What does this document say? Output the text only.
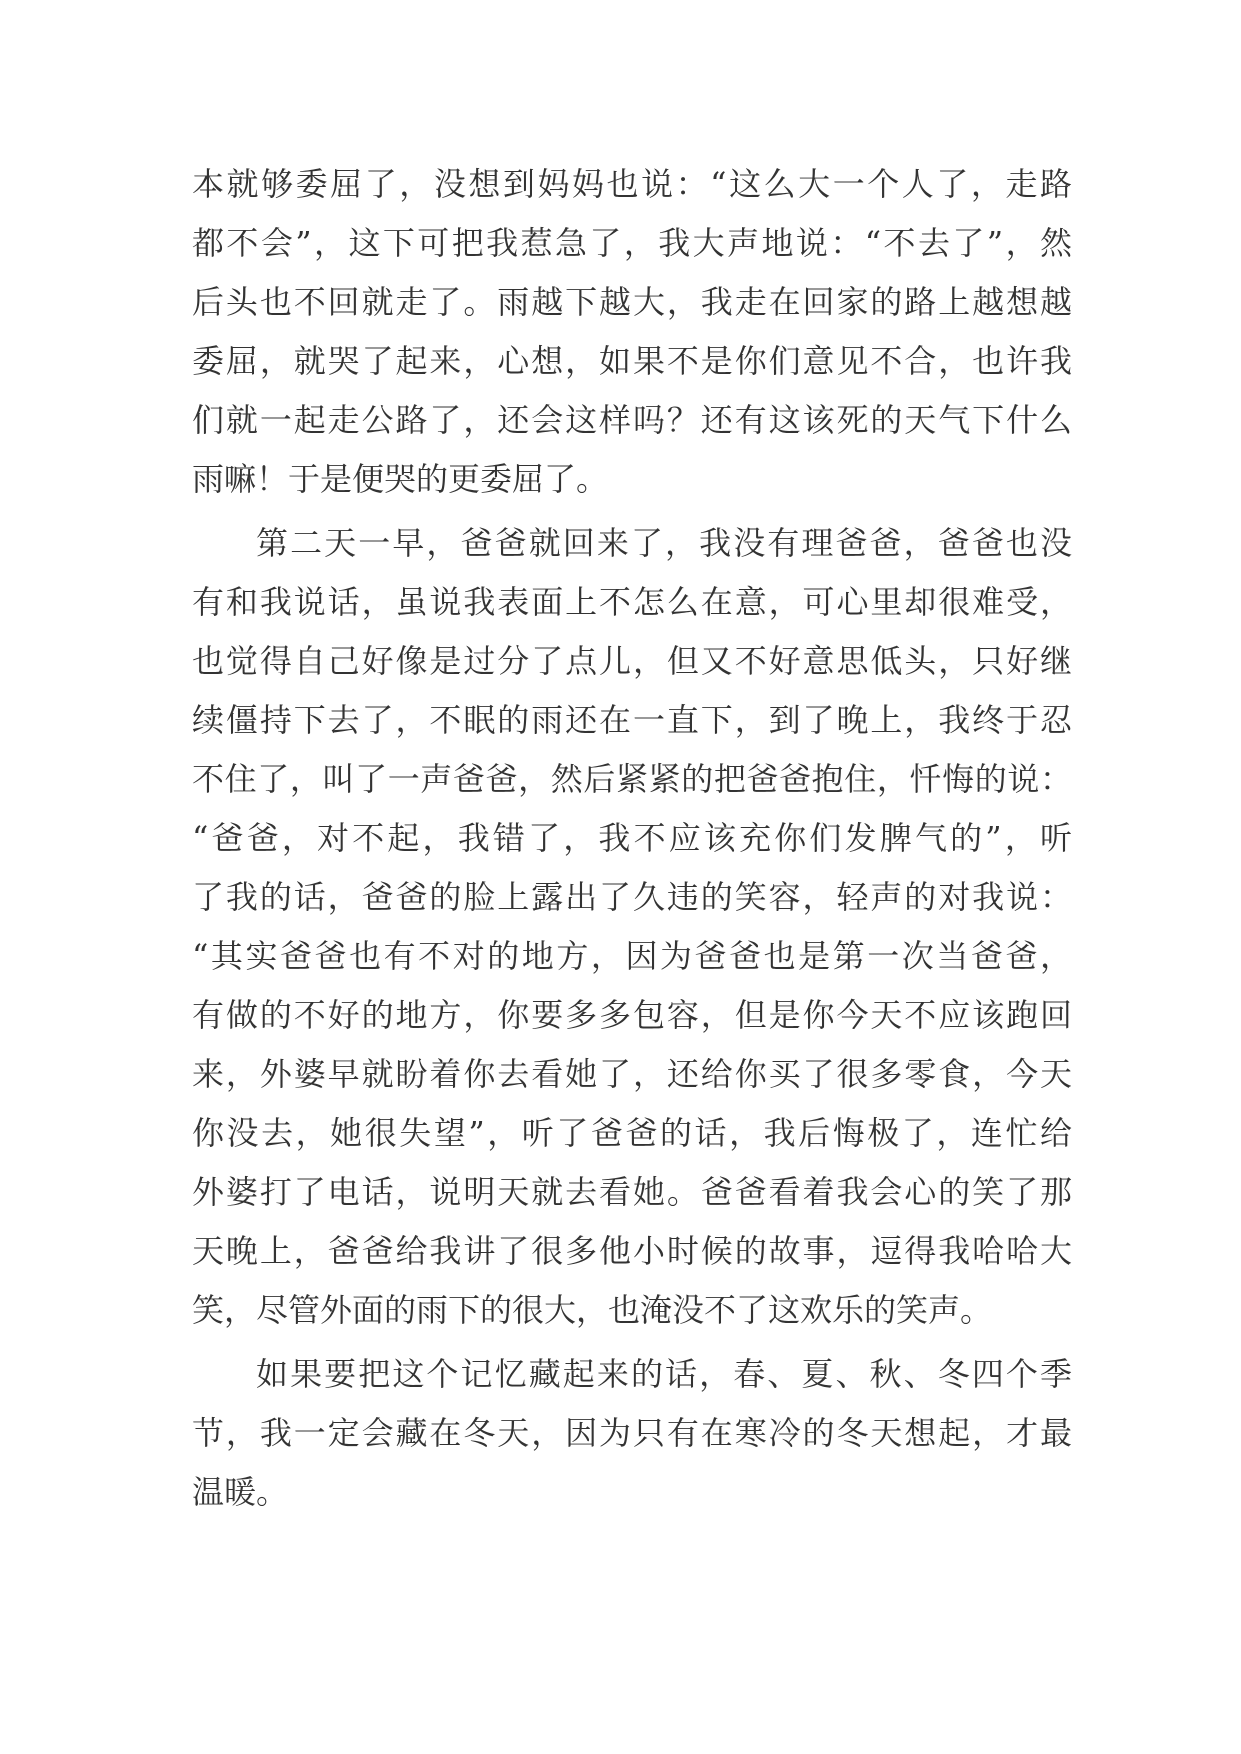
本就够委屈了，没想到妈妈也说：“这么大一个人了，走路
都不会”，这下可把我惹急了，我大声地说：“不去了”，然
后头也不回就走了。雨越下越大，我走在回家的路上越想越
委屈，就哭了起来，心想，如果不是你们意见不合，也许我
们就一起走公路了，还会这样吗？还有这该死的天气下什么
雨嘛！于是便哭的更委屈了。
第二天一早，爸爸就回来了，我没有理爸爸，爸爸也没
有和我说话，虽说我表面上不怎么在意，可心里却很难受，
也觉得自己好像是过分了点儿，但又不好意思低头，只好继
续僵持下去了，不眠的雨还在一直下，到了晚上，我终于忍
不住了，叫了一声爸爸，然后紧紧的把爸爸抱住，忏悔的说：
“爸爸，对不起，我错了，我不应该充你们发脾气的”，听
了我的话，爸爸的脸上露出了久违的笑容，轻声的对我说：
“其实爸爸也有不对的地方，因为爸爸也是第一次当爸爸，
有做的不好的地方，你要多多包容，但是你今天不应该跑回
来，外婆早就盼着你去看她了，还给你买了很多零食，今天
你没去，她很失望”，听了爸爸的话，我后悔极了，连忙给
外婆打了电话，说明天就去看她。爸爸看着我会心的笑了那
天晚上，爸爸给我讲了很多他小时候的故事，逗得我哈哈大
笑，尽管外面的雨下的很大，也淹没不了这欢乐的笑声。
如果要把这个记忆藏起来的话，春、夏、秋、冬四个季
节，我一定会藏在冬天，因为只有在寒冷的冬天想起，才最
温暖。
